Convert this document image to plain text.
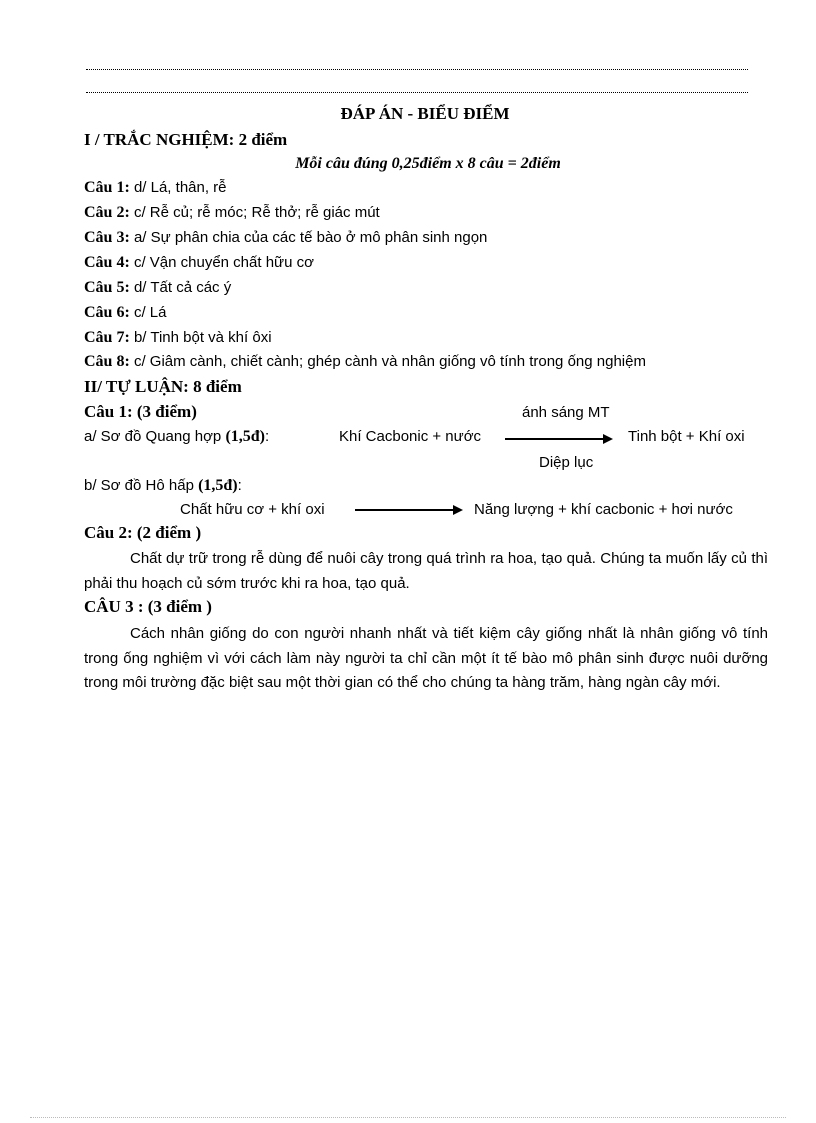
ĐÁP ÁN - BIỂU ĐIỂM
I / TRẮC NGHIỆM: 2 điểm
Mỗi câu đúng 0,25điểm x 8 câu = 2điểm
Câu 1: d/ Lá, thân, rễ
Câu 2: c/ Rễ củ; rễ móc; Rễ thở; rễ giác mút
Câu 3: a/ Sự phân chia của các tế bào ở mô phân sinh ngọn
Câu 4: c/ Vận chuyển chất hữu cơ
Câu 5: d/ Tất cả các ý
Câu 6: c/ Lá
Câu 7: b/ Tinh bột và khí ôxi
Câu 8: c/ Giâm cành, chiết cành; ghép cành và nhân giống vô tính trong ống nghiệm
II/ TỰ LUẬN: 8 điểm
Câu 1: (3 điểm)	ánh sáng MT
a/ Sơ đồ Quang hợp (1,5đ):	Khí Cacbonic + nước	Tinh bột + Khí oxi
Diệp lục
b/ Sơ đồ Hô hấp (1,5đ):
Chất hữu cơ + khí oxi	Năng lượng + khí cacbonic + hơi nước
Câu 2: (2 điểm )
Chất dự trữ trong rễ dùng để nuôi cây trong quá trình ra hoa, tạo quả. Chúng ta muốn lấy củ thì phải thu hoạch củ sớm trước khi ra hoa, tạo quả.
CÂU 3 : (3 điểm )
Cách nhân giống do con người nhanh nhất và tiết kiệm cây giống nhất là nhân giống vô tính trong ống nghiệm vì với cách làm này người ta chỉ cần một ít tế bào mô phân sinh được nuôi dưỡng trong môi trường đặc biệt sau một thời gian có thể cho chúng ta hàng trăm, hàng ngàn cây mới.
